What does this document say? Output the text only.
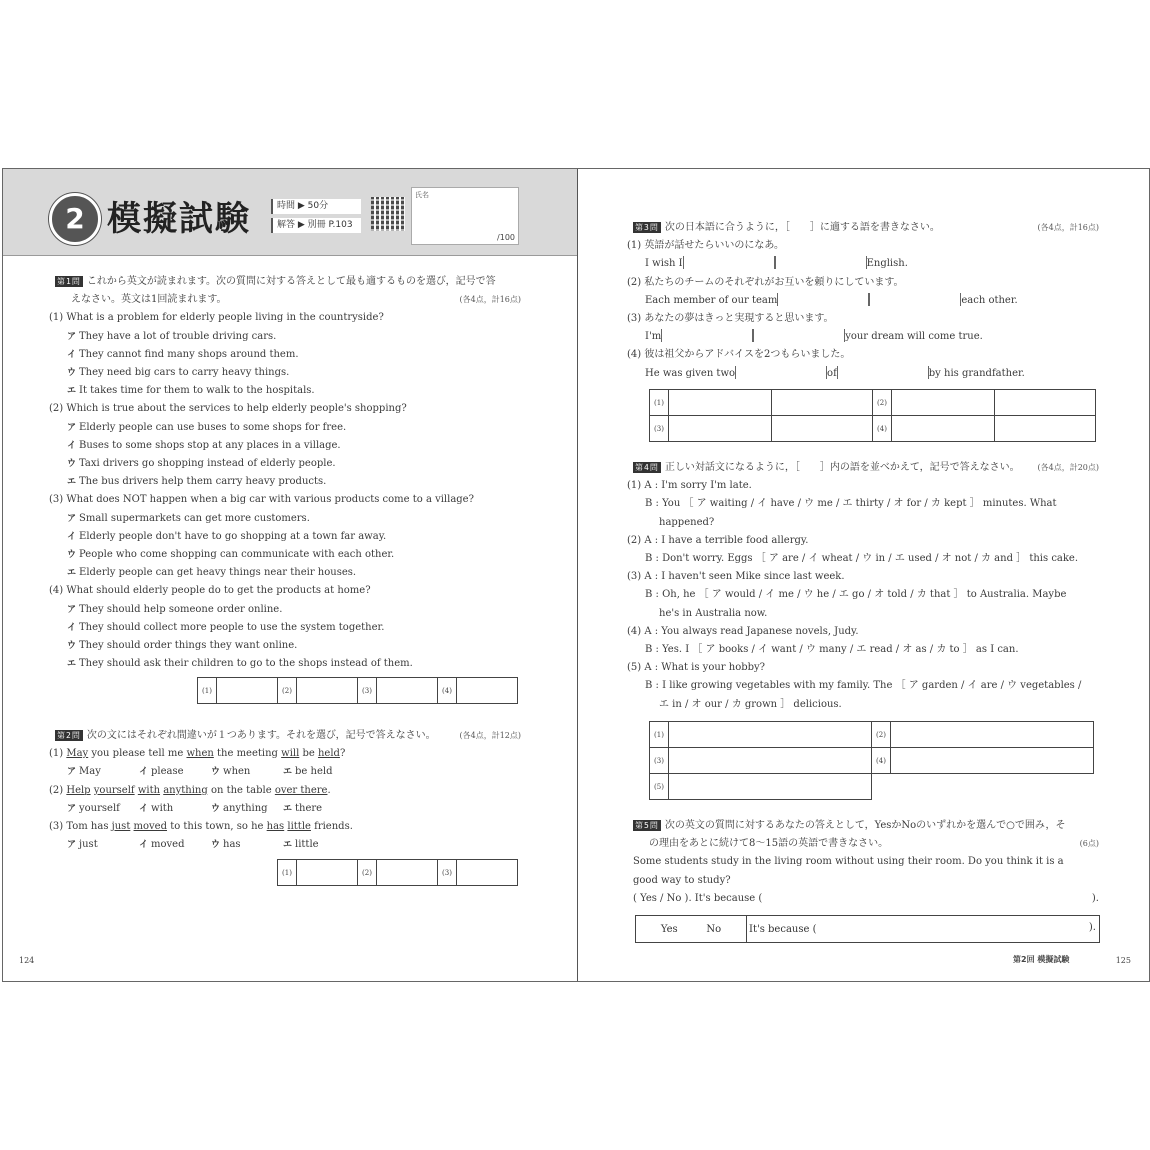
2 模擬試験	時間 ▶ 50分
解答 ▶ 別冊 P.103
氏名
/100
第1問 これから英文が読まれます。次の質問に対する答えとして最も適するものを選び，記号で答
えなさい。英文は1回読まれます。	(各4点，計16点)
(1) What is a problem for elderly people living in the countryside?
ア They have a lot of trouble driving cars.
イ They cannot find many shops around them.
ウ They need big cars to carry heavy things.
エ It takes time for them to walk to the hospitals.
(2) Which is true about the services to help elderly people's shopping?
ア Elderly people can use buses to some shops for free.
イ Buses to some shops stop at any places in a village.
ウ Taxi drivers go shopping instead of elderly people.
エ The bus drivers help them carry heavy products.
(3) What does NOT happen when a big car with various products come to a village?
ア Small supermarkets can get more customers.
イ Elderly people don't have to go shopping at a town far away.
ウ People who come shopping can communicate with each other.
エ Elderly people can get heavy things near their houses.
(4) What should elderly people do to get the products at home?
ア They should help someone order online.
イ They should collect more people to use the system together.
ウ They should order things they want online.
エ They should ask their children to go to the shops instead of them.
(1)		(2)		(3)		(4)	
第2問 次の文にはそれぞれ間違いが１つあります。それを選び，記号で答えなさい。	(各4点，計12点)
(1) May you please tell me when the meeting will be held?
ア May	イ please	ウ when	エ be held
(2) Help yourself with anything on the table over there.
ア yourself イ with	ウ anything エ there
(3) Tom has just moved to this town, so he has little friends.
ア just	イ moved	ウ has	エ little
(1)		(2)		(3)	
124
第3問 次の日本語に合うように，［　　］に適する語を書きなさい。	(各4点，計16点)
(1) 英語が話せたらいいのになあ。
I wish I	English.
(2) 私たちのチームのそれぞれがお互いを頼りにしています。
Each member of our team	each other.
(3) あなたの夢はきっと実現すると思います。
I'm	your dream will come true.
(4) 彼は祖父からアドバイスを2つもらいました。
He was given two	of	by his grandfather.
(1)			(2)		
(3)			(4)		
第4問 正しい対話文になるように，［　　］内の語を並べかえて，記号で答えなさい。 (各4点，計20点)
(1) A : I'm sorry I'm late.
B : You ［ ア waiting / イ have / ウ me / エ thirty / オ for / カ kept ］ minutes. What
happened?
(2) A : I have a terrible food allergy.
B : Don't worry. Eggs ［ ア are / イ wheat / ウ in / エ used / オ not / カ and ］ this cake.
(3) A : I haven't seen Mike since last week.
B : Oh, he ［ ア would / イ me / ウ he / エ go / オ told / カ that ］ to Australia. Maybe
he's in Australia now.
(4) A : You always read Japanese novels, Judy.
B : Yes. I ［ ア books / イ want / ウ many / エ read / オ as / カ to ］ as I can.
(5) A : What is your hobby?
B : I like growing vegetables with my family. The ［ ア garden / イ are / ウ vegetables /
エ in / オ our / カ grown ］ delicious.
(1)		(2)	
(3)		(4)	
(5)			
第5問 次の英文の質問に対するあなたの答えとして，YesかNoのいずれかを選んで○で囲み，そ
の理由をあとに続けて8～15語の英語で書きなさい。	(6点)
Some students study in the living room without using their room. Do you think it is a
good way to study?
( Yes / No ). It's because (	).
Yes	No	It's because (	).
第2回 模擬試験	125
